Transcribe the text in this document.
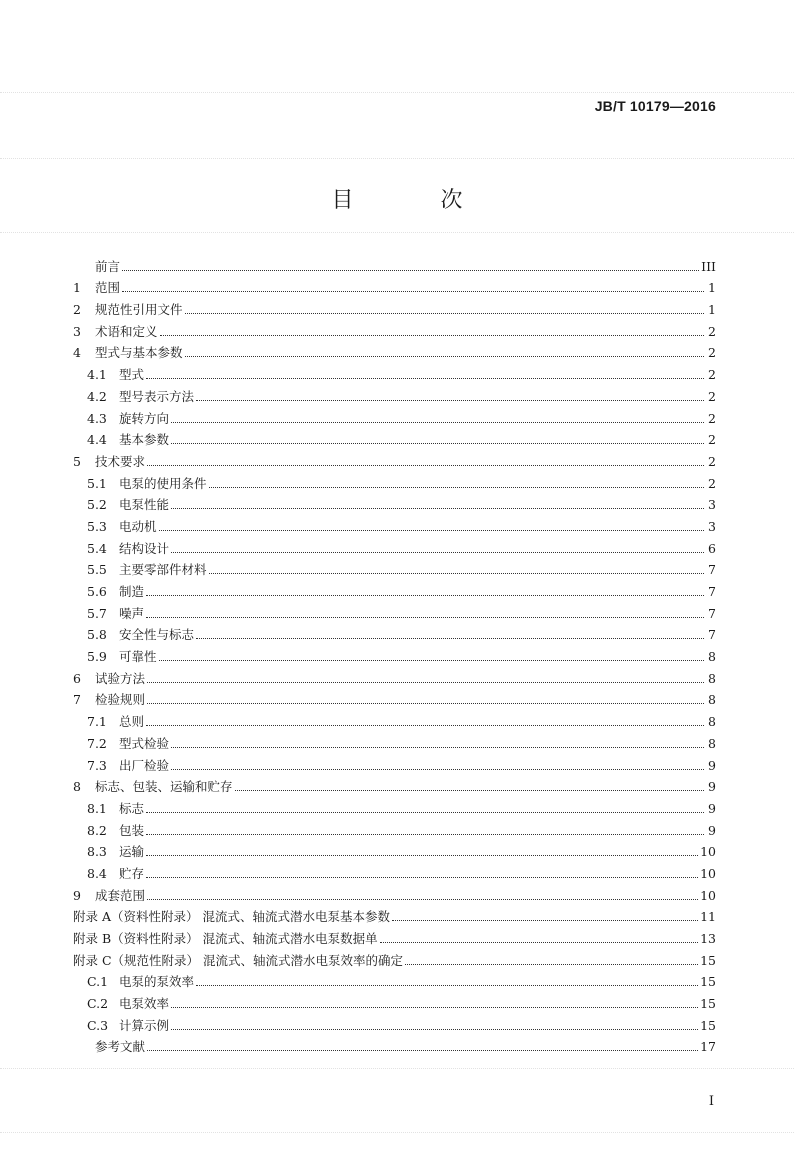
JB/T 10179—2016
目 次
前言	III
1	范围	1
2	规范性引用文件	1
3	术语和定义	2
4	型式与基本参数	2
4.1 型式	2
4.2 型号表示方法	2
4.3 旋转方向	2
4.4 基本参数	2
5	技术要求	2
5.1 电泵的使用条件	2
5.2 电泵性能	3
5.3 电动机	3
5.4 结构设计	6
5.5 主要零部件材料	7
5.6 制造	7
5.7 噪声	7
5.8 安全性与标志	7
5.9 可靠性	8
6	试验方法	8
7	检验规则	8
7.1 总则	8
7.2 型式检验	8
7.3 出厂检验	9
8	标志、包装、运输和贮存	9
8.1 标志	9
8.2 包装	9
8.3 运输	10
8.4 贮存	10
9	成套范围	10
附录 A（资料性附录） 混流式、轴流式潜水电泵基本参数	11
附录 B（资料性附录） 混流式、轴流式潜水电泵数据单	13
附录 C（规范性附录） 混流式、轴流式潜水电泵效率的确定	15
C.1 电泵的泵效率	15
C.2 电泵效率	15
C.3 计算示例	15
参考文献	17
I
